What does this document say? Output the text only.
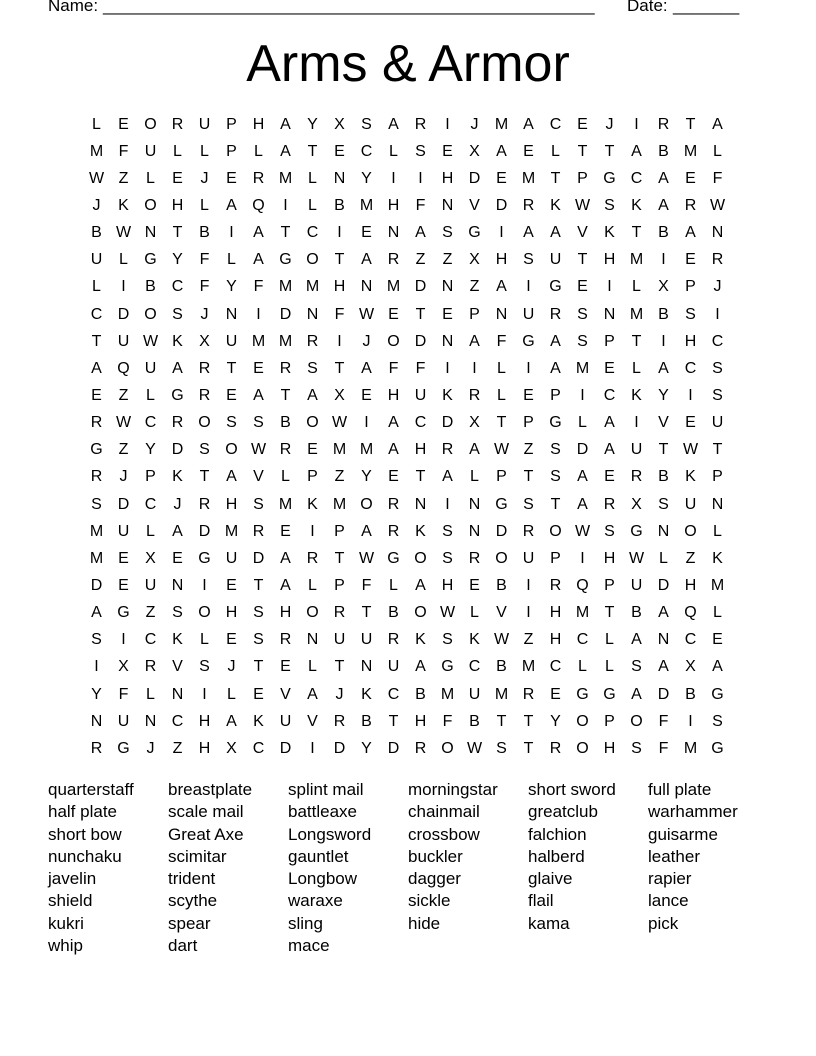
Name: ____________________________________________________ Date: _______
Arms & Armor
L	E O R U P H A	Y	X	S	A R	I	J	M A C E	J	I	R	T	A
M F	U	L	L	P	L	A	T	E C	L	S	E	X	A	E	L	T	T	A	B M L
W Z	L	E	J	E R M L	N Y	I	I	H D E M T	P G C A	E	F
J	K O H	L	A Q	I	L	B M H	F	N V D R K W S	K	A R W
B W N	T	B	I	A	T	C	I	E N A	S G	I	A	A	V	K	T	B	A N
U	L	G Y	F	L	A G O T	A R	Z	Z	X H S U	T	H M	I	E R
L	I	B C	F	Y	F M M H N M D N	Z	A	I	G E	I	L	X	P	J
C D O S	J	N	I	D N	F W E	T	E	P N U R S N M B	S	I
T	U W K	X U M M R	I	J	O D N A	F G A	S	P	T	I	H C
A Q U A R	T	E R S	T	A	F	F	I	I	L	I	A M E	L	A C S
E	Z	L	G R E	A	T	A	X	E H U K R	L	E	P	I	C K	Y	I	S
R W C R O S	S	B O W	I	A C D X	T	P G	L	A	I	V	E U
G Z	Y D S O W R E M M A H R A W Z	S D A U	T W T
R	J	P	K	T	A	V	L	P	Z	Y	E	T	A	L	P	T	S	A	E R B	K	P
S D C	J	R H S M K M O R N	I	N G S	T	A R X	S U N
M U	L	A D M R E	I	P	A R K	S N D R O W S G N O	L
M E	X	E G U D A R	T W G O S R O U P	I	H W L	Z	K
D E U N	I	E	T	A	L	P	F	L	A H E	B	I	R Q P U D H M
A G Z	S O H S H O R	T	B O W L	V	I	H M T	B	A Q	L
S	I	C K	L	E	S R N U U R K	S	K W Z	H C	L	A N C E
I	X R V	S	J	T	E	L	T	N U A G C B M C	L	L	S	A	X	A
Y	F	L	N	I	L	E	V	A	J	K C B M U M R E G G A D B G
N U N C H A	K U V R B	T	H	F	B	T	T	Y O P O F	I	S
R G	J	Z	H X C D	I	D Y D R O W S	T	R O H S	F M G
quarterstaff	breastplate	splint mail	morningstar	short sword	full plate
half plate	scale mail	battleaxe	chainmail	greatclub	warhammer
short bow	Great Axe	Longsword	crossbow	falchion	guisarme
nunchaku	scimitar	gauntlet	buckler	halberd	leather
javelin	trident	Longbow	dagger	glaive	rapier
shield	scythe	waraxe	sickle	flail	lance
kukri	spear	sling	hide	kama	pick
whip	dart	mace
